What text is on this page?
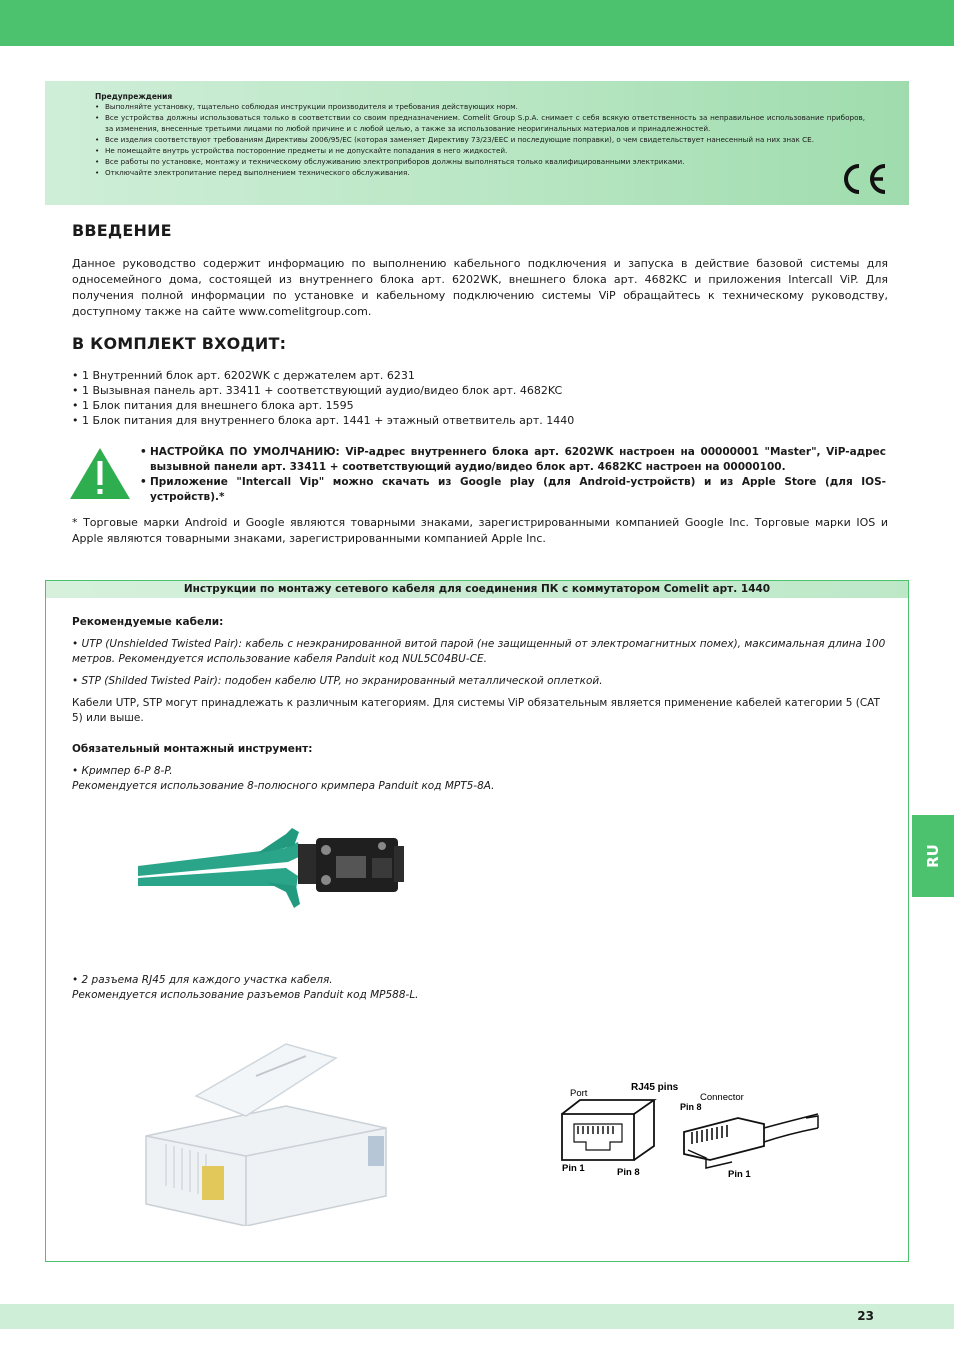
Предупреждения
• Выполняйте установку, тщательно соблюдая инструкции производителя и требования действующих норм.
• Все устройства должны использоваться только в соответствии со своим предназначением. Comelit Group S.p.A. снимает с себя всякую ответственность за неправильное использование приборов, за изменения, внесенные третьими лицами по любой причине и с любой целью, а также за использование неоригинальных материалов и принадлежностей.
• Все изделия соответствуют требованиям Директивы 2006/95/EC (которая заменяет Директиву 73/23/EEC и последующие поправки), о чем свидетельствует нанесенный на них знак CE.
• Не помещайте внутрь устройства посторонние предметы и не допускайте попадания в него жидкостей.
• Все работы по установке, монтажу и техническому обслуживанию электроприборов должны выполняться только квалифицированными электриками.
• Отключайте электропитание перед выполнением технического обслуживания.
ВВЕДЕНИЕ

Данное руководство содержит информацию по выполнению кабельного подключения и запуска в действие базовой системы для односемейного дома, состоящей из внутреннего блока арт. 6202WK, внешнего блока арт. 4682KC и приложения Intercall ViP. Для получения полной информации по установке и кабельному подключению системы ViP обращайтесь к техническому руководству, доступному также на сайте www.comelitgroup.com.

В КОМПЛЕКТ ВХОДИТ:
• 1 Внутренний блок арт. 6202WK с держателем арт. 6231
• 1 Вызывная панель арт. 33411 + соответствующий аудио/видео блок арт. 4682KC
• 1 Блок питания для внешнего блока арт. 1595
• 1 Блок питания для внутреннего блока арт. 1441 + этажный ответвитель арт. 1440
• НАСТРОЙКА ПО УМОЛЧАНИЮ: ViP-адрес внутреннего блока арт. 6202WK настроен на 00000001 "Master", ViP-адрес вызывной панели арт. 33411 + соответствующий аудио/видео блок арт. 4682KC настроен на 00000100.
• Приложение "Intercall Vip" можно скачать из Google play (для Android-устройств) и из Apple Store (для IOS-устройств).*

* Торговые марки Android и Google являются товарными знаками, зарегистрированными компанией Google Inc. Торговые марки IOS и Apple являются товарными знаками, зарегистрированными компанией Apple Inc.

Инструкции по монтажу сетевого кабеля для соединения ПК с коммутатором Comelit арт. 1440

Рекомендуемые кабели:

• UTP (Unshielded Twisted Pair): кабель с неэкранированной витой парой (не защищенный от электромагнитных помех), максимальная длина 100 метров. Рекомендуется использование кабеля Panduit код NUL5C04BU-CE.

• STP (Shilded Twisted Pair): подобен кабелю UTP, но экранированный металлической оплеткой.

Кабели UTP, STP могут принадлежать к различным категориям. Для системы ViP обязательным является применение кабелей категории 5 (CAT 5) или выше.

Обязательный монтажный инструмент:

• Кримпер 6-P 8-P.

Рекомендуется использование 8-полюсного кримпера Panduit код MPT5-8A.

• 2 разъема RJ45 для каждого участка кабеля.

Рекомендуется использование разъемов Panduit код MP588-L.

RJ45 pins
Port	Connector
Pin 8
Pin 1	Pin 8	Pin 1
RU
23
